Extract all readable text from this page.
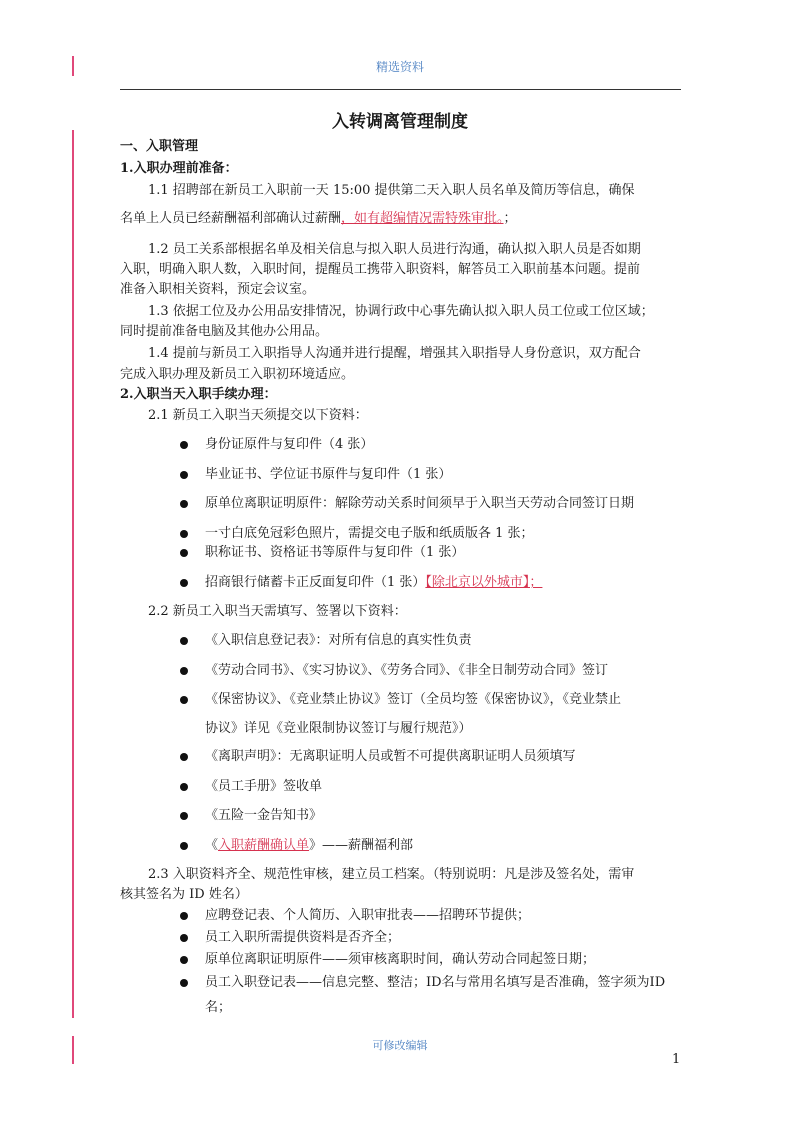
精选资料
入转调离管理制度
一、入职管理
1.入职办理前准备：
1.1 招聘部在新员工入职前一天 15:00 提供第二天入职人员名单及简历等信息，确保
名单上人员已经薪酬福利部确认过薪酬，如有超编情况需特殊审批。；
1.2 员工关系部根据名单及相关信息与拟入职人员进行沟通，确认拟入职人员是否如期
入职，明确入职人数，入职时间，提醒员工携带入职资料，解答员工入职前基本问题。提前
准备入职相关资料，预定会议室。
1.3 依据工位及办公用品安排情况，协调行政中心事先确认拟入职人员工位或工位区域；
同时提前准备电脑及其他办公用品。
1.4 提前与新员工入职指导人沟通并进行提醒，增强其入职指导人身份意识，双方配合
完成入职办理及新员工入职初环境适应。
2.入职当天入职手续办理：
2.1 新员工入职当天须提交以下资料：
身份证原件与复印件（4 张）
毕业证书、学位证书原件与复印件（1 张）
原单位离职证明原件：解除劳动关系时间须早于入职当天劳动合同签订日期
一寸白底免冠彩色照片，需提交电子版和纸质版各 1 张；
职称证书、资格证书等原件与复印件（1 张）
招商银行储蓄卡正反面复印件（1 张）【除北京以外城市】；
2.2 新员工入职当天需填写、签署以下资料：
《入职信息登记表》：对所有信息的真实性负责
《劳动合同书》、《实习协议》、《劳务合同》、《非全日制劳动合同》签订
《保密协议》、《竞业禁止协议》签订（全员均签《保密协议》，《竞业禁止
协议》详见《竞业限制协议签订与履行规范》）
《离职声明》：无离职证明人员或暂不可提供离职证明人员须填写
《员工手册》签收单
《五险一金告知书》
《入职薪酬确认单》——薪酬福利部
2.3 入职资料齐全、规范性审核，建立员工档案。（特别说明：凡是涉及签名处，需审
核其签名为 ID 姓名）
应聘登记表、个人简历、入职审批表——招聘环节提供；
员工入职所需提供资料是否齐全；
原单位离职证明原件——须审核离职时间，确认劳动合同起签日期；
员工入职登记表——信息完整、整洁；ID名与常用名填写是否准确，签字须为ID
名；
可修改编辑
1
